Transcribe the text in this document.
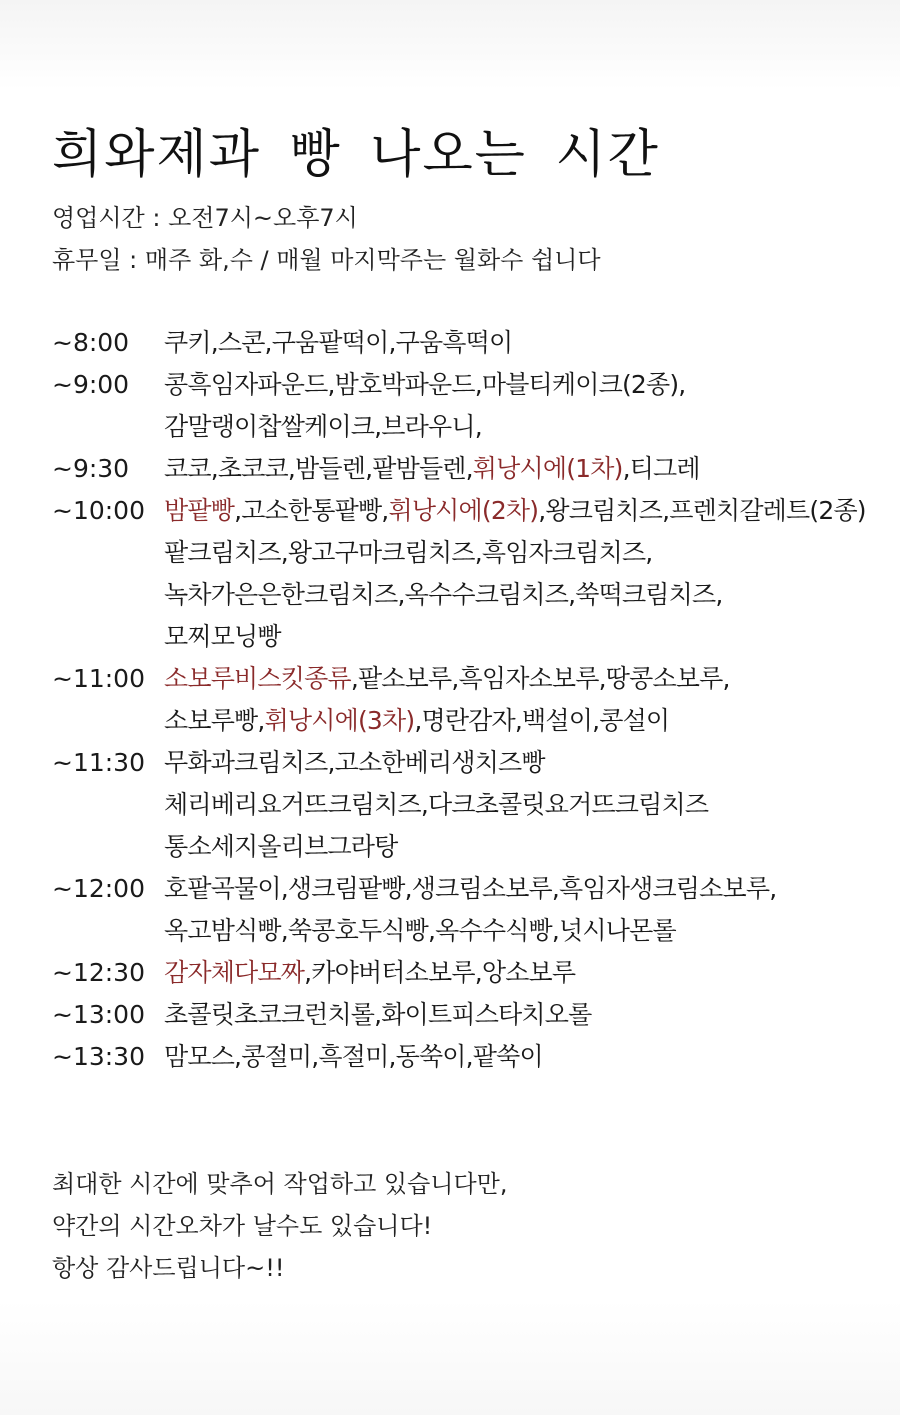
희와제과 빵 나오는 시간
영업시간 : 오전7시~오후7시
휴무일 : 매주 화,수 / 매월 마지막주는 월화수 쉽니다
~8:00 쿠키,스콘,구움팥떡이,구움흑떡이
~9:00 콩흑임자파운드,밤호박파운드,마블티케이크(2종),
감말랭이찹쌀케이크,브라우니,
~9:30 코코,초코코,밤들렌,팥밤들렌,휘낭시에(1차),티그레
~10:00 밤팥빵,고소한통팥빵,휘낭시에(2차),왕크림치즈,프렌치갈레트(2종)
팥크림치즈,왕고구마크림치즈,흑임자크림치즈,
녹차가은은한크림치즈,옥수수크림치즈,쑥떡크림치즈,
모찌모닝빵
~11:00 소보루비스킷종류,팥소보루,흑임자소보루,땅콩소보루,
소보루빵,휘낭시에(3차),명란감자,백설이,콩설이
~11:30 무화과크림치즈,고소한베리생치즈빵
체리베리요거뜨크림치즈,다크초콜릿요거뜨크림치즈
통소세지올리브그라탕
~12:00 호팥곡물이,생크림팥빵,생크림소보루,흑임자생크림소보루,
옥고밤식빵,쑥콩호두식빵,옥수수식빵,넛시나몬롤
~12:30 감자체다모짜,카야버터소보루,앙소보루
~13:00 초콜릿초코크런치롤,화이트피스타치오롤
~13:30 맘모스,콩절미,흑절미,동쑥이,팥쑥이
최대한 시간에 맞추어 작업하고 있습니다만,
약간의 시간오차가 날수도 있습니다!
항상 감사드립니다~!!
